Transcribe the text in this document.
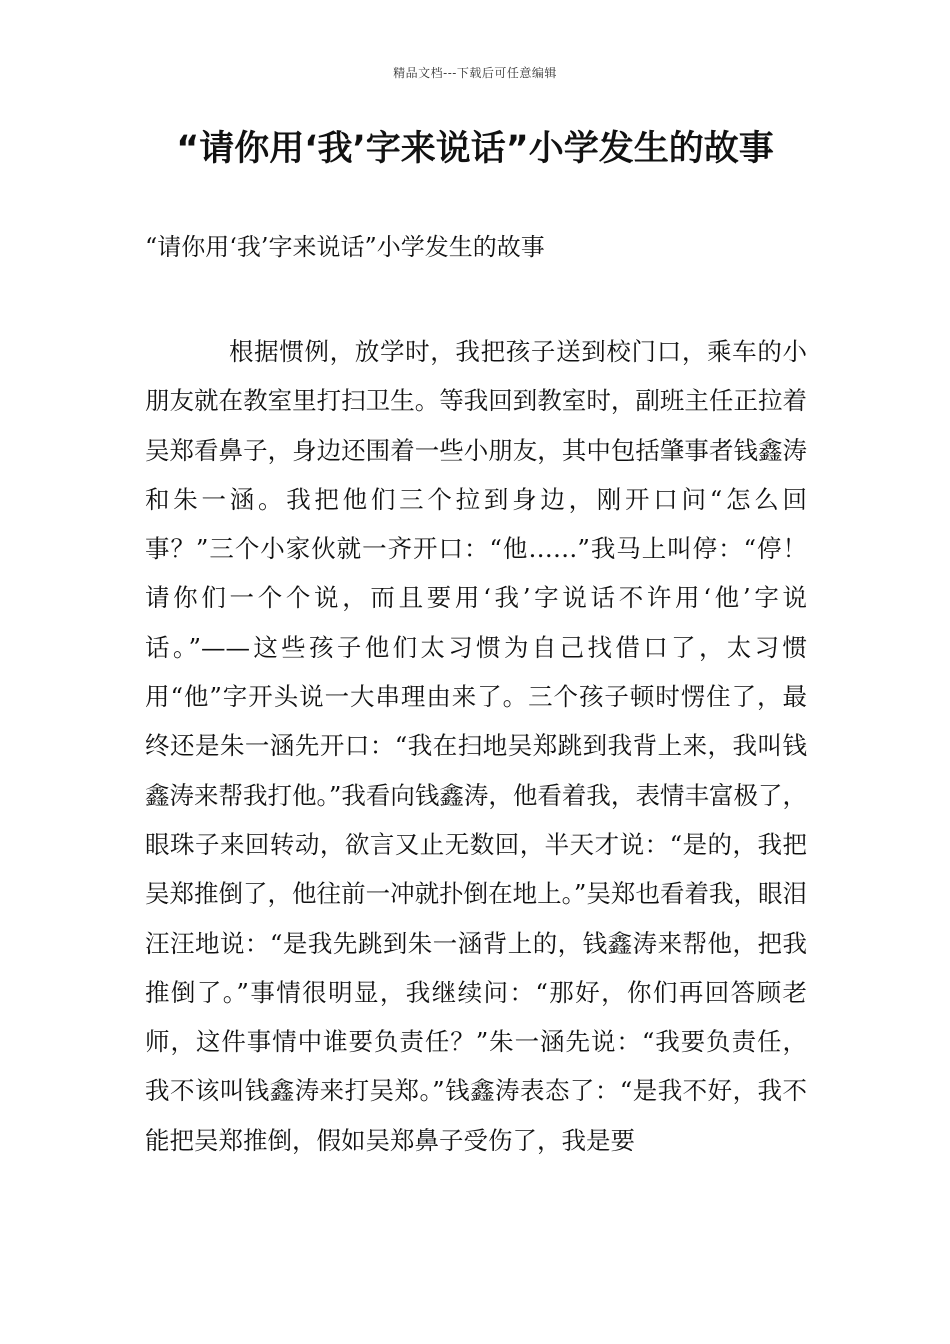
精品文档---下载后可任意编辑
“请你用‘我’字来说话”小学发生的故事

“请你用‘我’字来说话”小学发生的故事

根据惯例，放学时，我把孩子送到校门口，乘车的小朋友就在教室里打扫卫生。等我回到教室时，副班主任正拉着吴郑看鼻子，身边还围着一些小朋友，其中包括肇事者钱鑫涛和朱一涵。我把他们三个拉到身边，刚开口问“怎么回事？”三个小家伙就一齐开口：“他……”我马上叫停：“停！请你们一个个说，而且要用‘我’字说话不许用‘他’字说话。”——这些孩子他们太习惯为自己找借口了，太习惯用“他”字开头说一大串理由来了。三个孩子顿时愣住了，最终还是朱一涵先开口：“我在扫地吴郑跳到我背上来，我叫钱鑫涛来帮我打他。”我看向钱鑫涛，他看着我，表情丰富极了，眼珠子来回转动，欲言又止无数回，半天才说：“是的，我把吴郑推倒了，他往前一冲就扑倒在地上。”吴郑也看着我，眼泪汪汪地说：“是我先跳到朱一涵背上的，钱鑫涛来帮他，把我推倒了。”事情很明显，我继续问：“那好，你们再回答顾老师，这件事情中谁要负责任？”朱一涵先说：“我要负责任，我不该叫钱鑫涛来打吴郑。”钱鑫涛表态了：“是我不好，我不能把吴郑推倒，假如吴郑鼻子受伤了，我是要
